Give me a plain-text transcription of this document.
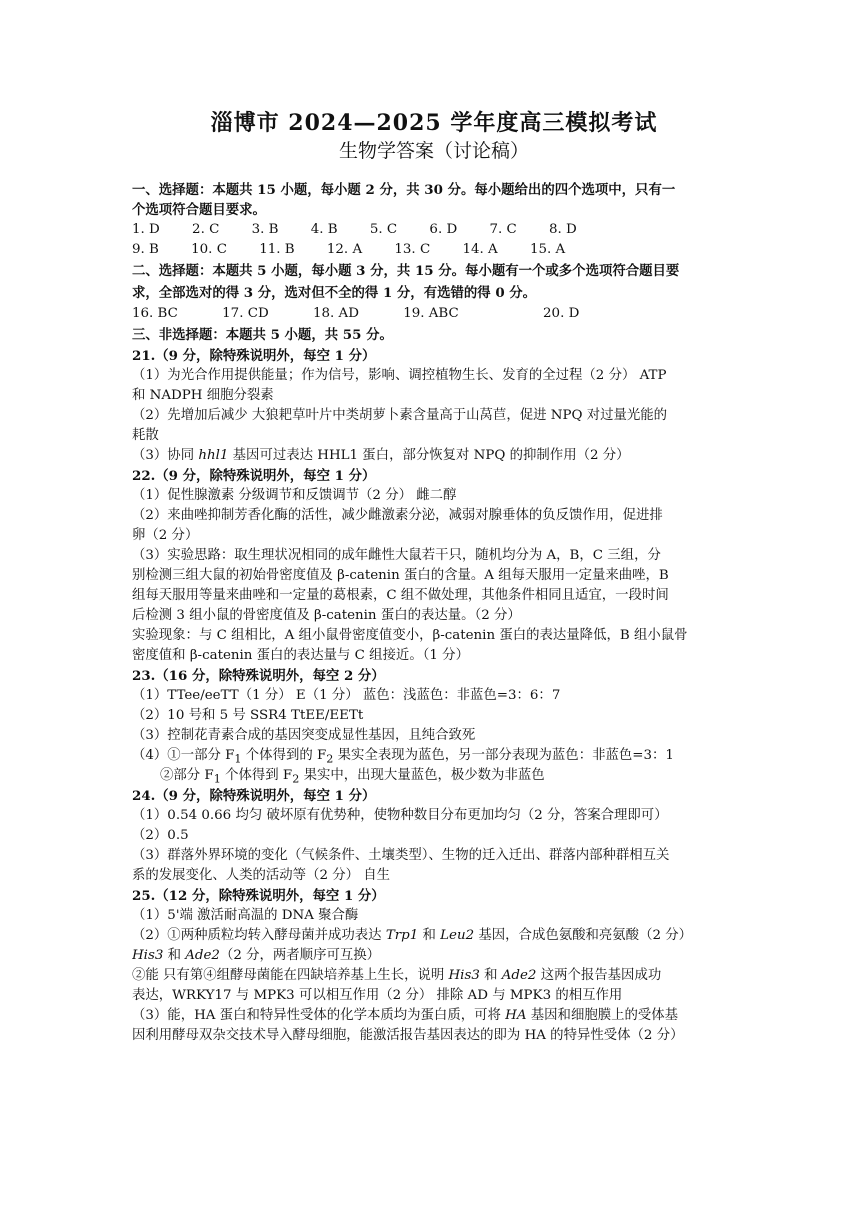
淄博市 2024—2025 学年度高三模拟考试
生物学答案（讨论稿）
一、选择题：本题共 15 小题，每小题 2 分，共 30 分。每小题给出的四个选项中，只有一
个选项符合题目要求。
1. D 2. C 3. B 4. B 5. C 6. D 7. C 8. D
9. B 10. C 11. B 12. A 13. C 14. A 15. A
二、选择题：本题共 5 小题，每小题 3 分，共 15 分。每小题有一个或多个选项符合题目要
求，全部选对的得 3 分，选对但不全的得 1 分，有选错的得 0 分。
16. BC	17. CD	18. AD	19. ABC	20. D
三、非选择题：本题共 5 小题，共 55 分。
21.（9 分，除特殊说明外，每空 1 分）
（1）为光合作用提供能量；作为信号，影响、调控植物生长、发育的全过程（2 分） ATP
和 NADPH 细胞分裂素
（2）先增加后减少 大狼耙草叶片中类胡萝卜素含量高于山莴苣，促进 NPQ 对过量光能的
耗散
（3）协同 hhl1 基因可过表达 HHL1 蛋白，部分恢复对 NPQ 的抑制作用（2 分）
22.（9 分，除特殊说明外，每空 1 分）
（1）促性腺激素 分级调节和反馈调节（2 分） 雌二醇
（2）来曲唑抑制芳香化酶的活性，减少雌激素分泌，减弱对腺垂体的负反馈作用，促进排
卵（2 分）
（3）实验思路：取生理状况相同的成年雌性大鼠若干只，随机均分为 A，B，C 三组，分
别检测三组大鼠的初始骨密度值及 β-catenin 蛋白的含量。A 组每天服用一定量来曲唑，B
组每天服用等量来曲唑和一定量的葛根素，C 组不做处理，其他条件相同且适宜，一段时间
后检测 3 组小鼠的骨密度值及 β-catenin 蛋白的表达量。（2 分）
实验现象：与 C 组相比，A 组小鼠骨密度值变小，β-catenin 蛋白的表达量降低，B 组小鼠骨
密度值和 β-catenin 蛋白的表达量与 C 组接近。（1 分）
23.（16 分，除特殊说明外，每空 2 分）
（1）TTee/eeTT（1 分） E（1 分） 蓝色：浅蓝色：非蓝色=3：6：7
（2）10 号和 5 号 SSR4 TtEE/EETt
（3）控制花青素合成的基因突变成显性基因，且纯合致死
（4）①一部分 $F_1$ 个体得到的 $F_2$ 果实全表现为蓝色，另一部分表现为蓝色：非蓝色=3：1
②部分 $F_1$ 个体得到 $F_2$ 果实中，出现大量蓝色，极少数为非蓝色
24.（9 分，除特殊说明外，每空 1 分）
（1）0.54 0.66 均匀 破坏原有优势种，使物种数目分布更加均匀（2 分，答案合理即可）
（2）0.5
（3）群落外界环境的变化（气候条件、土壤类型）、生物的迁入迁出、群落内部种群相互关
系的发展变化、人类的活动等（2 分） 自生
25.（12 分，除特殊说明外，每空 1 分）
（1）5'端 激活耐高温的 DNA 聚合酶
（2）①两种质粒均转入酵母菌并成功表达 Trp1 和 Leu2 基因，合成色氨酸和亮氨酸（2 分）
His3 和 Ade2（2 分，两者顺序可互换）
②能 只有第④组酵母菌能在四缺培养基上生长，说明 His3 和 Ade2 这两个报告基因成功
表达，WRKY17 与 MPK3 可以相互作用（2 分） 排除 AD 与 MPK3 的相互作用
（3）能，HA 蛋白和特异性受体的化学本质均为蛋白质，可将 HA 基因和细胞膜上的受体基
因利用酵母双杂交技术导入酵母细胞，能激活报告基因表达的即为 HA 的特异性受体（2 分）
